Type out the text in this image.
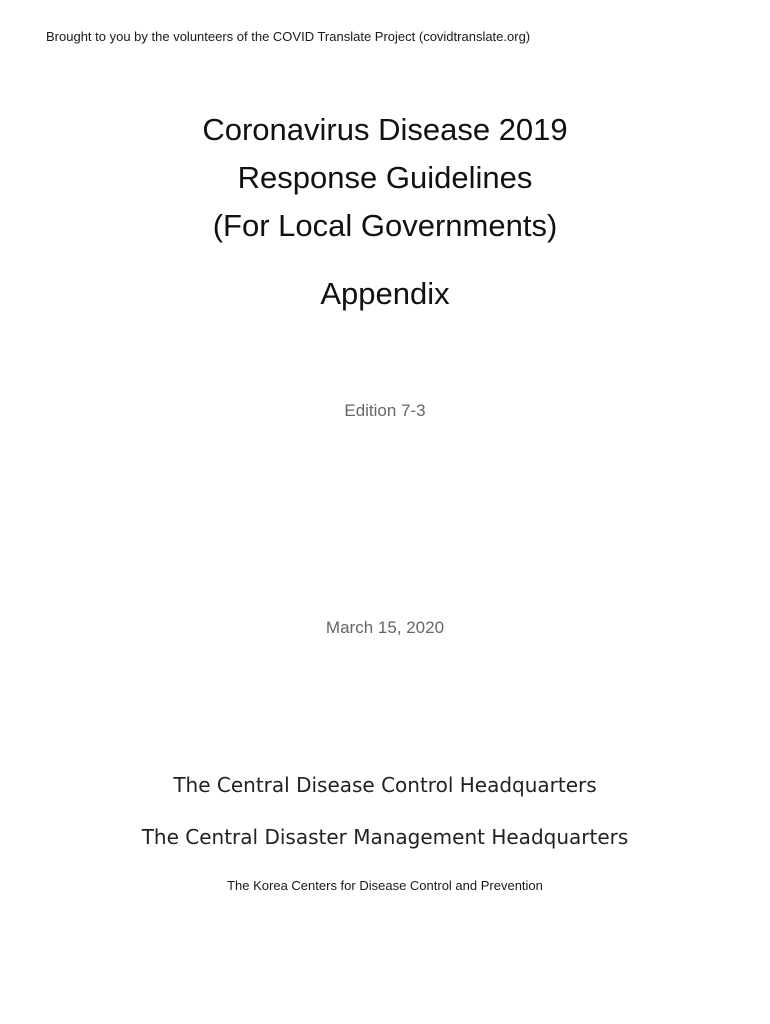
Brought to you by the volunteers of the COVID Translate Project (covidtranslate.org)
Coronavirus Disease 2019
Response Guidelines
(For Local Governments)
Appendix
Edition 7-3
March 15, 2020
The Central Disease Control Headquarters
The Central Disaster Management Headquarters
The Korea Centers for Disease Control and Prevention
